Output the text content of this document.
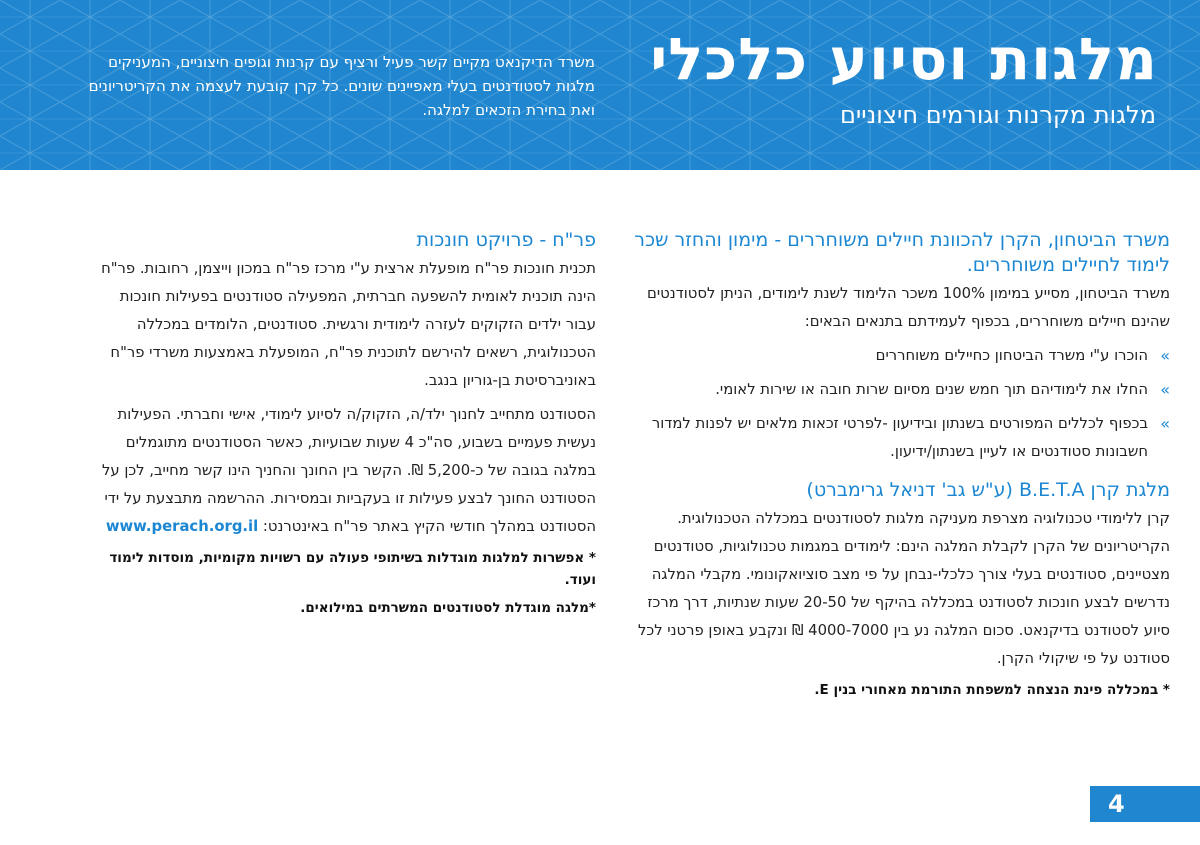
מלגות וסיוע כלכלי
מלגות מקרנות וגורמים חיצוניים
משרד הדיקנאט מקיים קשר פעיל ורציף עם קרנות וגופים חיצוניים, המעניקים מלגות לסטודנטים בעלי מאפיינים שונים. כל קרן קובעת לעצמה את הקריטריונים ואת בחירת הזכאים למלגה.
משרד הביטחון, הקרן להכוונת חיילים משוחררים - מימון והחזר שכר לימוד לחיילים משוחררים.

משרד הביטחון, מסייע במימון 100% משכר הלימוד לשנת לימודים, הניתן לסטודנטים שהינם חיילים משוחררים, בכפוף לעמידתם בתנאים הבאים:

»
הוכרו ע"י משרד הביטחון כחיילים משוחררים
»
החלו את לימודיהם תוך חמש שנים מסיום שרות חובה או שירות לאומי.
»
בכפוף לכללים המפורטים בשנתון ובידיעון -לפרטי זכאות מלאים יש לפנות למדור חשבונות סטודנטים או לעיין בשנתון/ידיעון.
מלגת קרן B.E.T.A (ע"ש גב' דניאל גרימברט)

קרן ללימודי טכנולוגיה מצרפת מעניקה מלגות לסטודנטים במכללה הטכנולוגית. הקריטריונים של הקרן לקבלת המלגה הינם: לימודים במגמות טכנולוגיות, סטודנטים מצטיינים, סטודנטים בעלי צורך כלכלי-נבחן על פי מצב סוציואקונומי. מקבלי המלגה נדרשים לבצע חונכות לסטודנט במכללה בהיקף של 20-50 שעות שנתיות, דרך מרכז סיוע לסטודנט בדיקנאט. סכום המלגה נע בין 4000-7000 ₪ ונקבע באופן פרטני לכל סטודנט על פי שיקולי הקרן.

* במכללה פינת הנצחה למשפחת התורמת מאחורי בנין E.

פר"ח - פרויקט חונכות

תכנית חונכות פר"ח מופעלת ארצית ע"י מרכז פר"ח במכון וייצמן, רחובות. פר"ח הינה תוכנית לאומית להשפעה חברתית, המפעילה סטודנטים בפעילות חונכות עבור ילדים הזקוקים לעזרה לימודית ורגשית. סטודנטים, הלומדים במכללה הטכנולוגית, רשאים להירשם לתוכנית פר"ח, המופעלת באמצעות משרדי פר"ח באוניברסיטת בן-גוריון בנגב.

הסטודנט מתחייב לחנוך ילד/ה, הזקוק/ה לסיוע לימודי, אישי וחברתי. הפעילות נעשית פעמיים בשבוע, סה"כ 4 שעות שבועיות, כאשר הסטודנטים מתוגמלים במלגה בגובה של כ-5,200 ₪. הקשר בין החונך והחניך הינו קשר מחייב, לכן על הסטודנט החונך לבצע פעילות זו בעקביות ובמסירות. ההרשמה מתבצעת על ידי הסטודנט במהלך חודשי הקיץ באתר פר"ח באינטרנט: www.perach.org.il

* אפשרות למלגות מוגדלות בשיתופי פעולה עם רשויות מקומיות, מוסדות לימוד ועוד.

*מלגה מוגדלת לסטודנטים המשרתים במילואים.

4
